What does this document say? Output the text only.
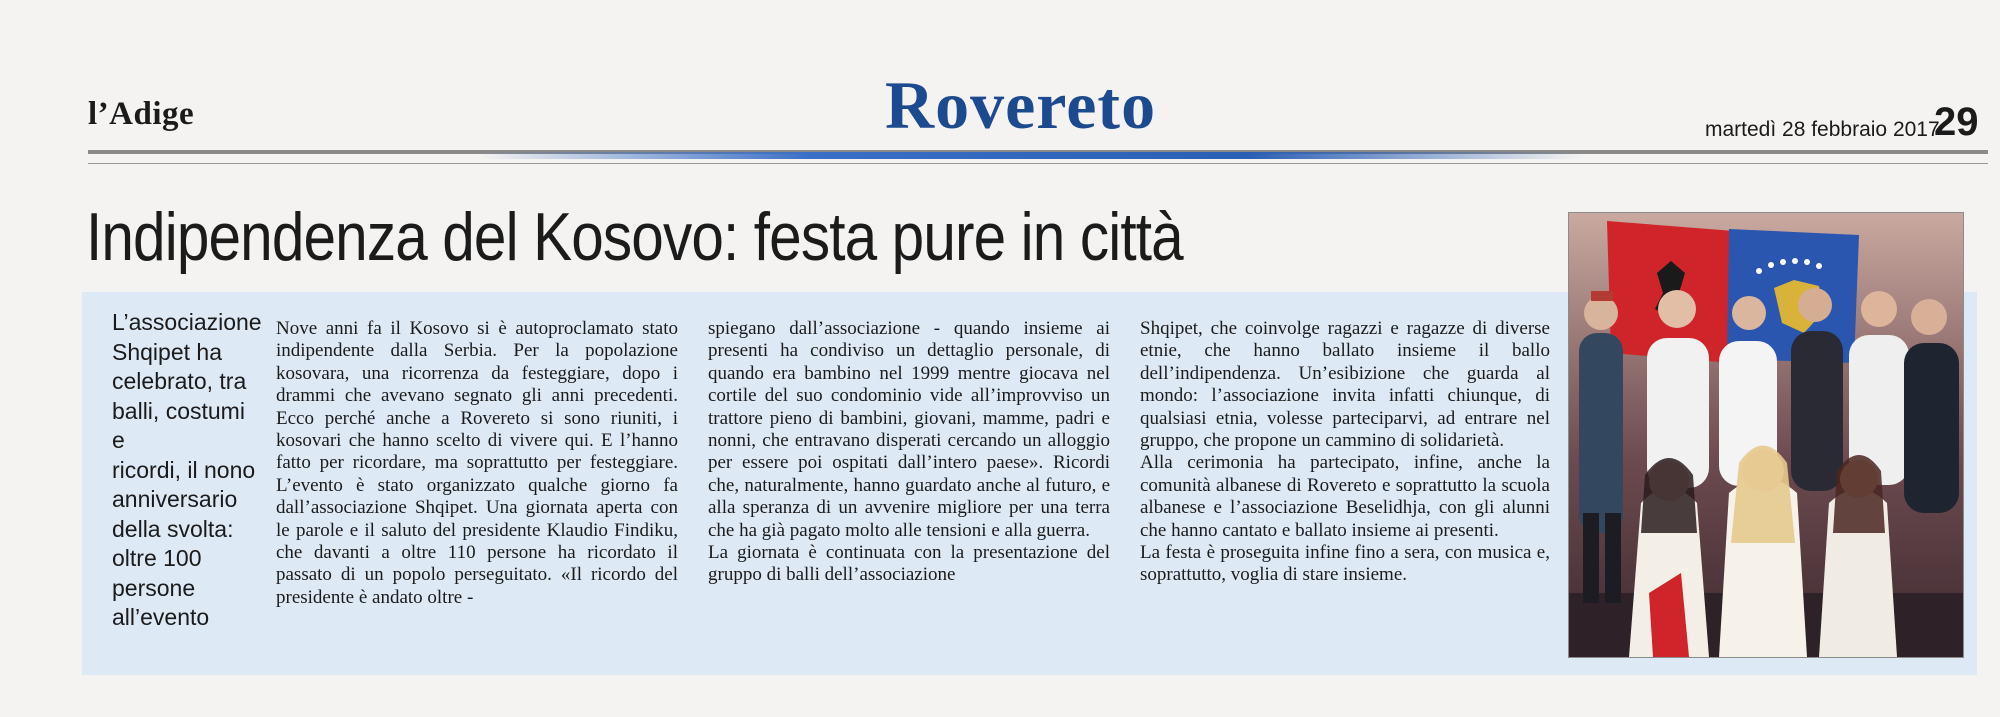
l’Adige	Rovereto	martedì 28 febbraio 2017
29
Indipendenza del Kosovo: festa pure in città
L’associazione
Shqipet ha
celebrato, tra
balli, costumi e
ricordi, il nono
anniversario
della svolta:
oltre 100
persone
all’evento

Nove anni fa il Kosovo si è autoproclamato stato indipendente dalla Serbia. Per la popolazione kosovara, una ricorrenza da festeggiare, dopo i drammi che avevano segnato gli anni precedenti. Ecco perché anche a Rovereto si sono riuniti, i kosovari che hanno scelto di vivere qui. E l’hanno fatto per ricordare, ma soprattutto per festeggiare. L’evento è stato organizzato qualche giorno fa dall’associazione Shqipet. Una giornata aperta con le parole e il saluto del presidente Klaudio Findiku, che davanti a oltre 110 persone ha ricordato il passato di un popolo perseguitato. «Il ricordo del presidente è andato oltre -

spiegano dall’associazione - quando insieme ai presenti ha condiviso un dettaglio personale, di quando era bambino nel 1999 mentre giocava nel cortile del suo condominio vide all’improvviso un trattore pieno di bambini, giovani, mamme, padri e nonni, che entravano disperati cercando un alloggio per essere poi ospitati dall’intero paese». Ricordi che, naturalmente, hanno guardato anche al futuro, e alla speranza di un avvenire migliore per una terra che ha già pagato molto alle tensioni e alla guerra.

La giornata è continuata con la presentazione del gruppo di balli dell’associazione

Shqipet, che coinvolge ragazzi e ragazze di diverse etnie, che hanno ballato insieme il ballo dell’indipendenza. Un’esibizione che guarda al mondo: l’associazione invita infatti chiunque, di qualsiasi etnia, volesse parteciparvi, ad entrare nel gruppo, che propone un cammino di solidarietà.

Alla cerimonia ha partecipato, infine, anche la comunità albanese di Rovereto e soprattutto la scuola albanese e l’associazione Beselidhja, con gli alunni che hanno cantato e ballato insieme ai presenti.

La festa è proseguita infine fino a sera, con musica e, soprattutto, voglia di stare insieme.
